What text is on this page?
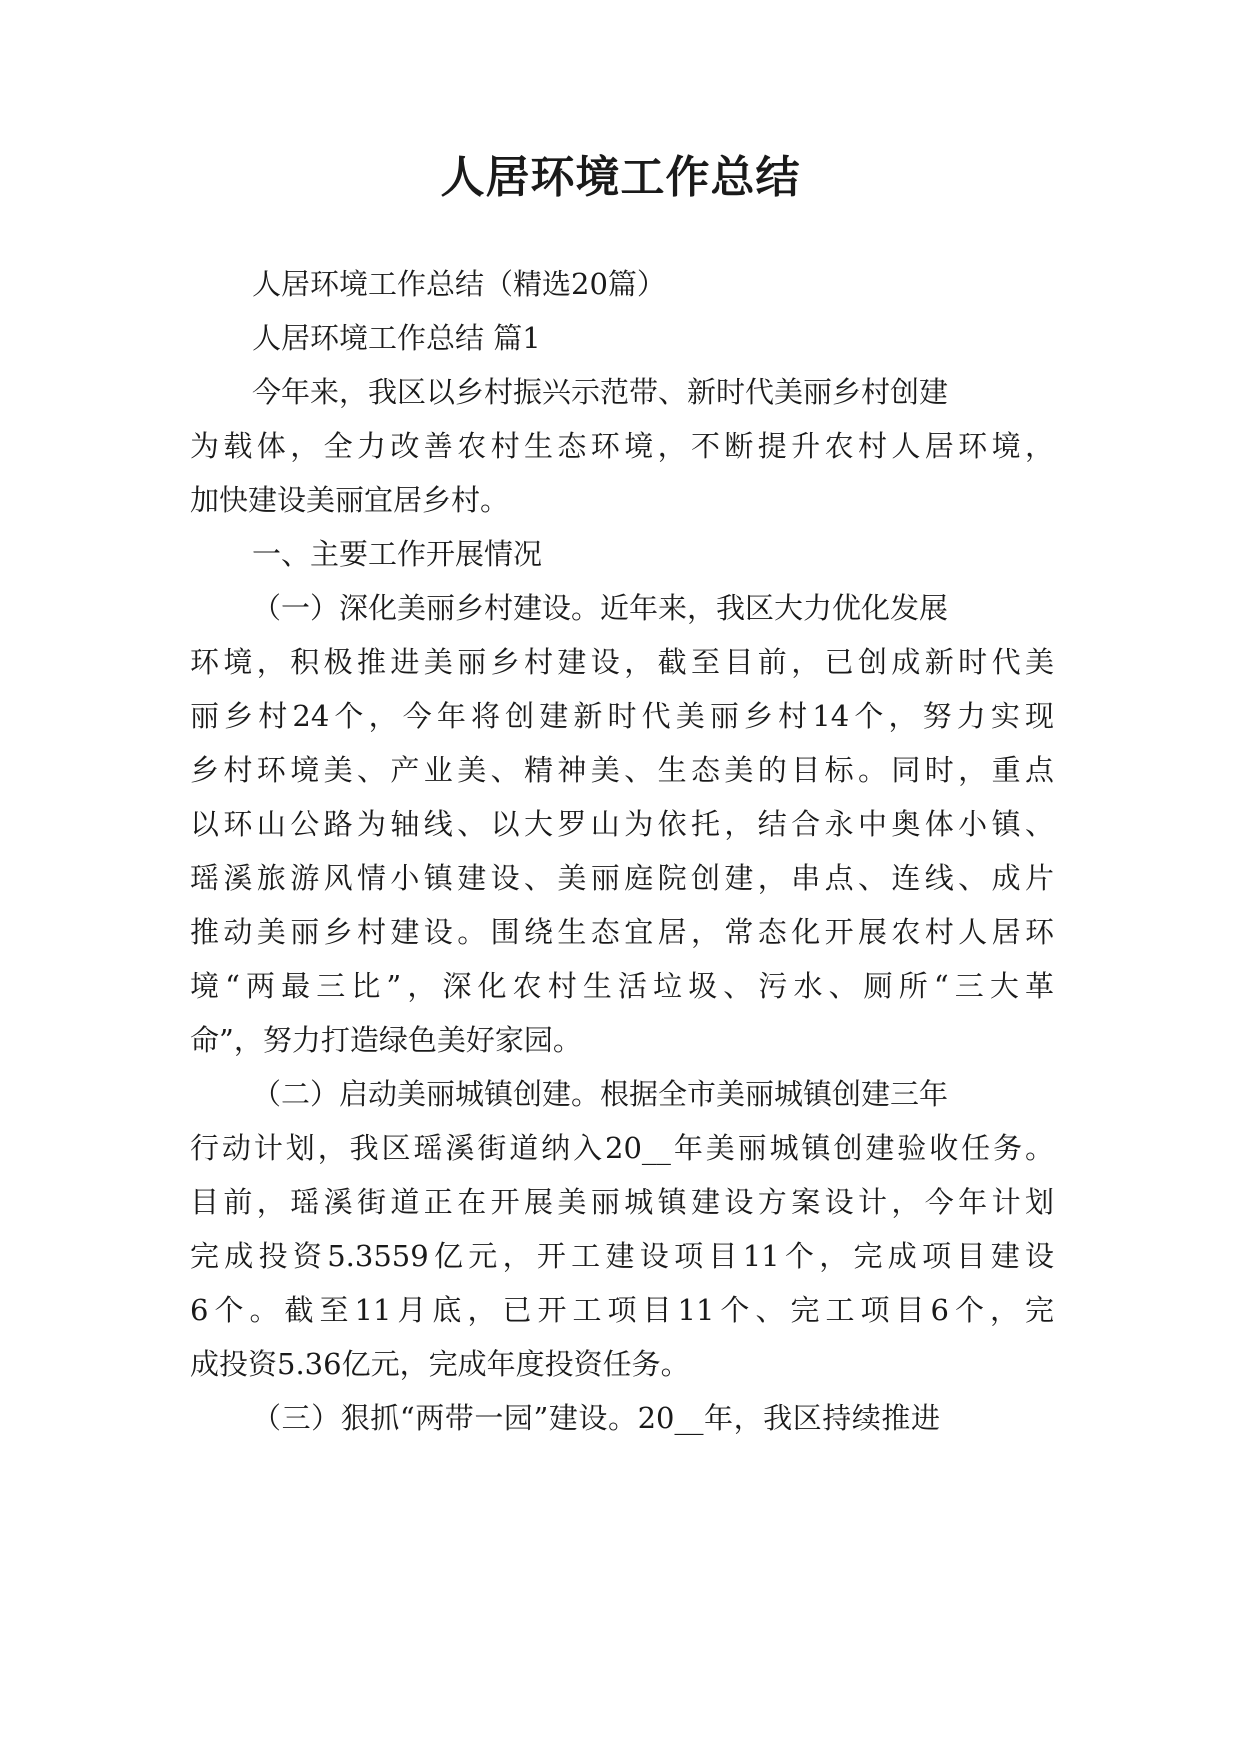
人居环境工作总结

人居环境工作总结（精选20篇）

人居环境工作总结 篇1

今年来，我区以乡村振兴示范带、新时代美丽乡村创建

为载体，全力改善农村生态环境，不断提升农村人居环境，

加快建设美丽宜居乡村。

一、主要工作开展情况

（一）深化美丽乡村建设。近年来，我区大力优化发展

环境，积极推进美丽乡村建设，截至目前，已创成新时代美

丽乡村24个，今年将创建新时代美丽乡村14个，努力实现

乡村环境美、产业美、精神美、生态美的目标。同时，重点

以环山公路为轴线、以大罗山为依托，结合永中奥体小镇、

瑶溪旅游风情小镇建设、美丽庭院创建，串点、连线、成片

推动美丽乡村建设。围绕生态宜居，常态化开展农村人居环

境“两最三比”，深化农村生活垃圾、污水、厕所“三大革

命”，努力打造绿色美好家园。

（二）启动美丽城镇创建。根据全市美丽城镇创建三年

行动计划，我区瑶溪街道纳入20__年美丽城镇创建验收任务。

目前，瑶溪街道正在开展美丽城镇建设方案设计，今年计划

完成投资5.3559亿元，开工建设项目11个，完成项目建设

6个。截至11月底，已开工项目11个、完工项目6个，完

成投资5.36亿元，完成年度投资任务。

（三）狠抓“两带一园”建设。20__年，我区持续推进
